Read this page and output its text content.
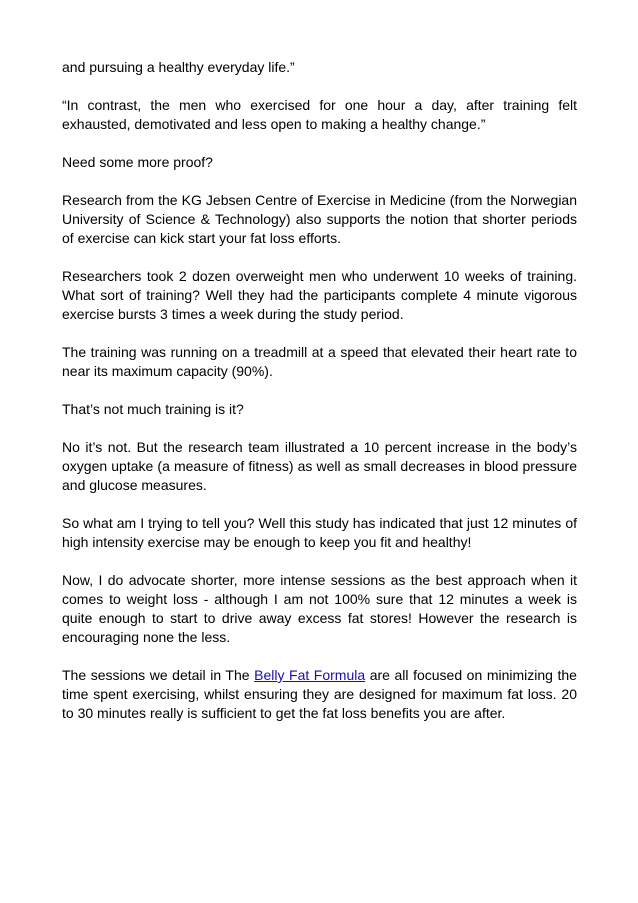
and pursuing a healthy everyday life.”

“In contrast, the men who exercised for one hour a day, after training felt exhausted, demotivated and less open to making a healthy change.”

Need some more proof?

Research from the KG Jebsen Centre of Exercise in Medicine (from the Norwegian University of Science & Technology) also supports the notion that shorter periods of exercise can kick start your fat loss efforts.

Researchers took 2 dozen overweight men who underwent 10 weeks of training. What sort of training? Well they had the participants complete 4 minute vigorous exercise bursts 3 times a week during the study period.

The training was running on a treadmill at a speed that elevated their heart rate to near its maximum capacity (90%).

That’s not much training is it?

No it’s not. But the research team illustrated a 10 percent increase in the body’s oxygen uptake (a measure of fitness) as well as small decreases in blood pressure and glucose measures.

So what am I trying to tell you? Well this study has indicated that just 12 minutes of high intensity exercise may be enough to keep you fit and healthy!

Now, I do advocate shorter, more intense sessions as the best approach when it comes to weight loss - although I am not 100% sure that 12 minutes a week is quite enough to start to drive away excess fat stores! However the research is encouraging none the less.

The sessions we detail in The Belly Fat Formula are all focused on minimizing the time spent exercising, whilst ensuring they are designed for maximum fat loss. 20 to 30 minutes really is sufficient to get the fat loss benefits you are after.
